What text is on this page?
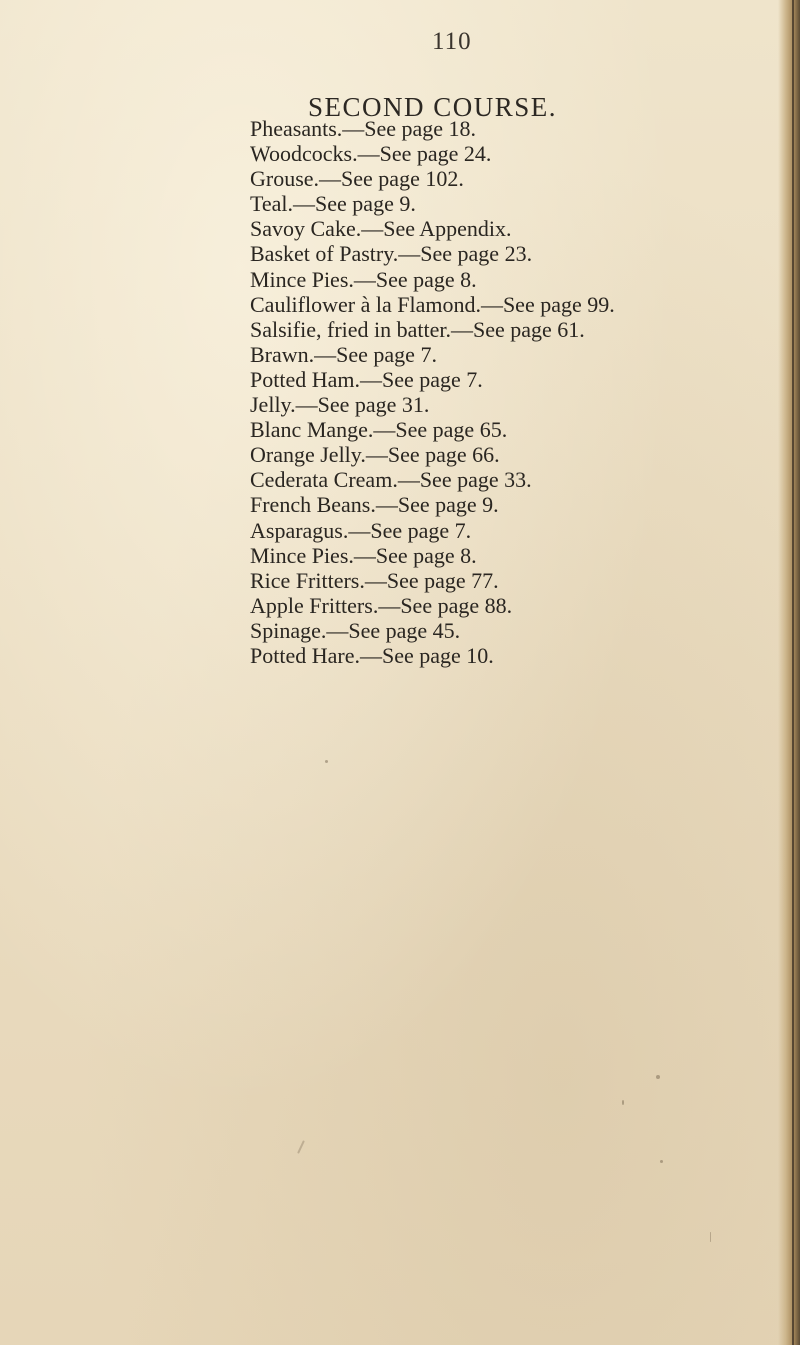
110
SECOND COURSE.
Pheasants.—See page 18.
Woodcocks.—See page 24.
Grouse.—See page 102.
Teal.—See page 9.
Savoy Cake.—See Appendix.
Basket of Pastry.—See page 23.
Mince Pies.—See page 8.
Cauliflower à la Flamond.—See page 99.
Salsifie, fried in batter.—See page 61.
Brawn.—See page 7.
Potted Ham.—See page 7.
Jelly.—See page 31.
Blanc Mange.—See page 65.
Orange Jelly.—See page 66.
Cederata Cream.—See page 33.
French Beans.—See page 9.
Asparagus.—See page 7.
Mince Pies.—See page 8.
Rice Fritters.—See page 77.
Apple Fritters.—See page 88.
Spinage.—See page 45.
Potted Hare.—See page 10.
